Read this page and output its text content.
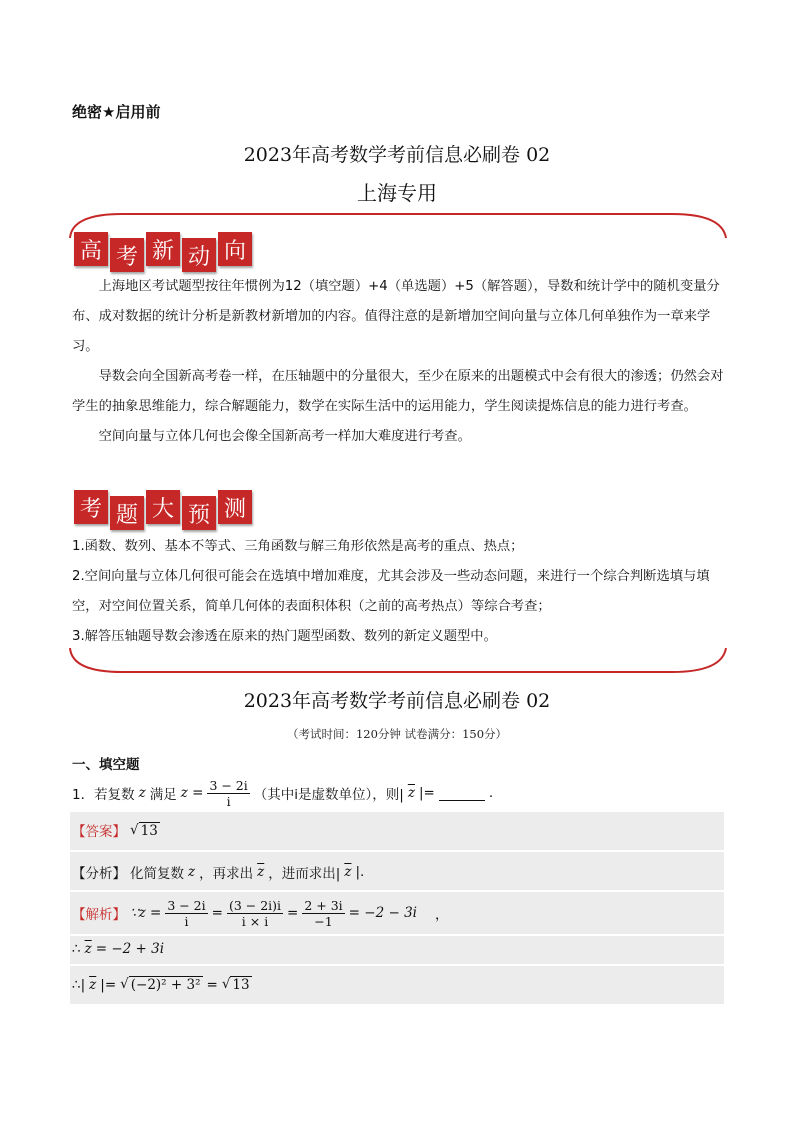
绝密★启用前
2023年高考数学考前信息必刷卷 02
上海专用
高 考 新 动 向

上海地区考试题型按往年惯例为12（填空题）+4（单选题）+5（解答题），导数和统计学中的随机变量分布、成对数据的统计分析是新教材新增加的内容。值得注意的是新增加空间向量与立体几何单独作为一章来学习。

导数会向全国新高考卷一样，在压轴题中的分量很大，至少在原来的出题模式中会有很大的渗透；仍然会对学生的抽象思维能力，综合解题能力，数学在实际生活中的运用能力，学生阅读提炼信息的能力进行考查。

空间向量与立体几何也会像全国新高考一样加大难度进行考查。

考 题 大 预 测

1.函数、数列、基本不等式、三角函数与解三角形依然是高考的重点、热点；

2.空间向量与立体几何很可能会在选填中增加难度，尤其会涉及一些动态问题，来进行一个综合判断选填与填空，对空间位置关系，简单几何体的表面积体积（之前的高考热点）等综合考查；

3.解答压轴题导数会渗透在原来的热门题型函数、数列的新定义题型中。

2023年高考数学考前信息必刷卷 02
（考试时间：120分钟 试卷满分：150分）
一、填空题
1．若复数 z 满足 $z = \frac{3 - 2i}{i}$ （其中i是虚数单位），则| $\overline{z}$ |=	.
【答案】 √ 13
【分析】 化简复数 z ，再求出 $\overline{z}$ ，进而求出| $\overline{z}$ |.
【解析】 ∵z = $\frac{3 - 2i}{i} = \frac{(3 - 2i)i}{i \times i} = \frac{2 + 3i}{-1} = -2 - 3i$ ，
∴ $\overline{z} = -2 + 3i$
∴| $\overline{z}$ |= √ (−2)² + 3² = √ 13
